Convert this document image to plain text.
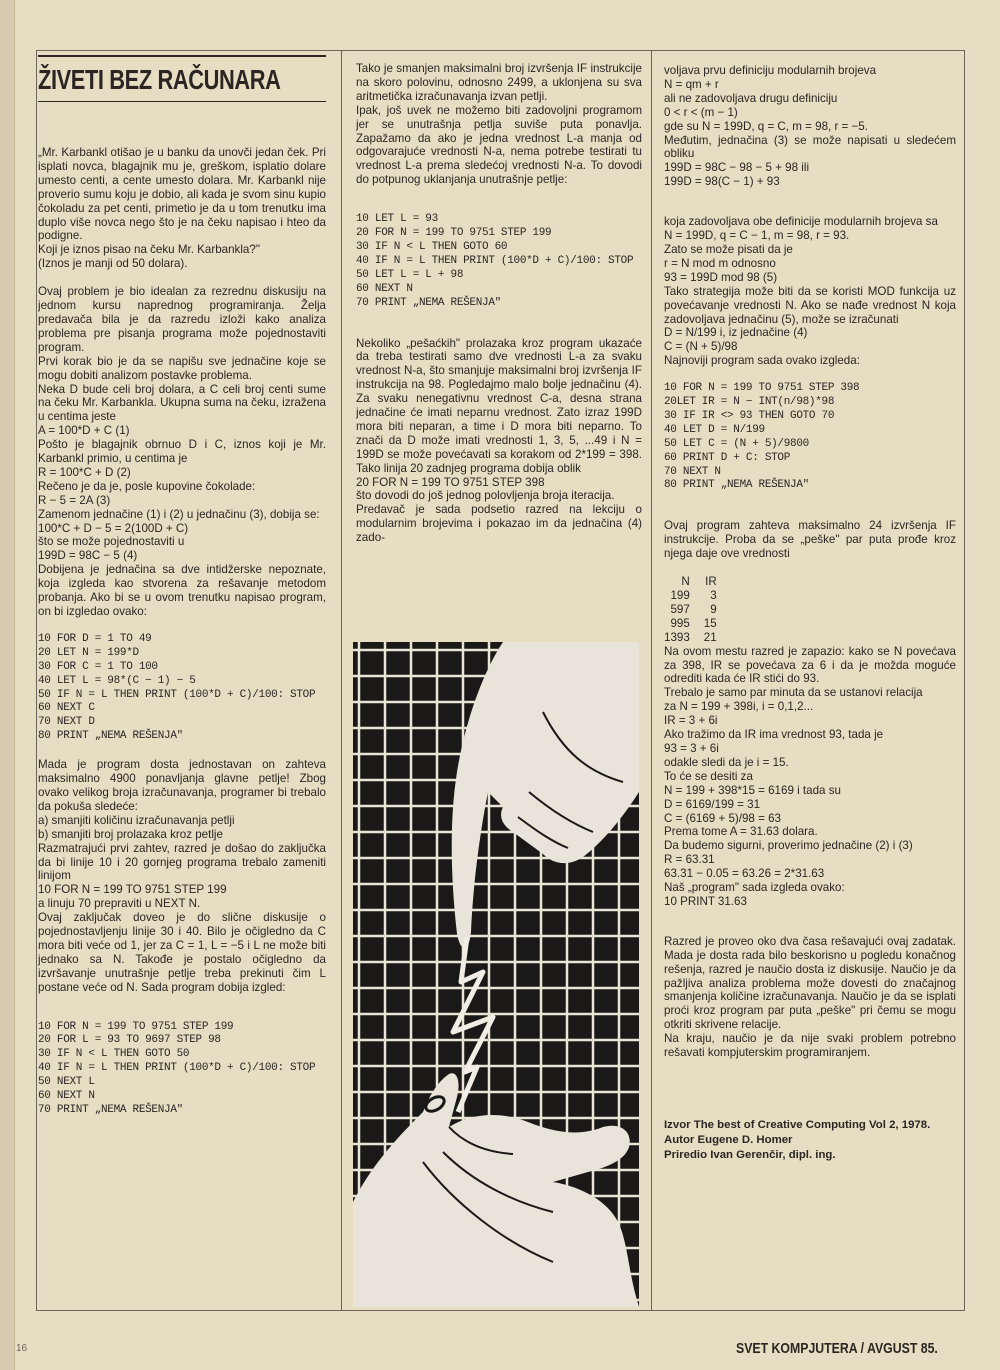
ŽIVETI BEZ RAČUNARA

„Mr. Karbankl otišao je u banku da unovči jedan ček. Pri isplati novca, blagajnik mu je, greškom, isplatio dolare umesto centi, a cente umesto dolara. Mr. Karbankl nije proverio sumu koju je dobio, ali kada je svom sinu kupio čokoladu za pet centi, primetio je da u tom trenutku ima duplo više novca nego što je na čeku napisao i hteo da podigne.
Koji je iznos pisao na čeku Mr. Karbankla?"
(Iznos je manji od 50 dolara).

Ovaj problem je bio idealan za rezrednu diskusiju na jednom kursu naprednog programiranja. Želja predavača bila je da razredu izloži kako analiza problema pre pisanja programa može pojednostaviti program.
Prvi korak bio je da se napišu sve jednačine koje se mogu dobiti analizom postavke problema.
Neka D bude celi broj dolara, a C celi broj centi sume na čeku Mr. Karbankla. Ukupna suma na čeku, izražena u centima jeste
A = 100*D + C (1)
Pošto je blagajnik obrnuo D i C, iznos koji je Mr. Karbankl primio, u centima je
R = 100*C + D (2)
Rečeno je da je, posle kupovine čokolade:
R − 5 = 2A (3)
Zamenom jednačine (1) i (2) u jednačinu (3), dobija se:
100*C + D − 5 = 2(100D + C)
što se može pojednostaviti u
199D = 98C − 5 (4)
Dobijena je jednačina sa dve intidžerske nepoznate, koja izgleda kao stvorena za rešavanje metodom probanja. Ako bi se u ovom trenutku napisao program, on bi izgledao ovako:

10 FOR D = 1 TO 49
20 LET N = 199*D
30 FOR C = 1 TO 100
40 LET L = 98*(C − 1) − 5
50 IF N = L THEN PRINT (100*D + C)/100: STOP
60 NEXT C
70 NEXT D
80 PRINT „NEMA REŠENJA"

Mada je program dosta jednostavan on zahteva maksimalno 4900 ponavljanja glavne petlje! Zbog ovako velikog broja izračunavanja, programer bi trebalo da pokuša sledeće:
a) smanjiti količinu izračunavanja petlji
b) smanjiti broj prolazaka kroz petlje
Razmatrajući prvi zahtev, razred je došao do zaključka da bi linije 10 i 20 gornjeg programa trebalo zameniti linijom
10 FOR N = 199 TO 9751 STEP 199
a linuju 70 prepraviti u NEXT N.
Ovaj zaključak doveo je do slične diskusije o pojednostavljenju linije 30 i 40. Bilo je očigledno da C mora biti veće od 1, jer za C = 1, L = −5 i L ne može biti jednako sa N. Takođe je postalo očigledno da izvršavanje unutrašnje petlje treba prekinuti čim L postane veće od N. Sada program dobija izgled:

10 FOR N = 199 TO 9751 STEP 199
20 FOR L = 93 TO 9697 STEP 98
30 IF N < L THEN GOTO 50
40 IF N = L THEN PRINT (100*D + C)/100: STOP
50 NEXT L
60 NEXT N
70 PRINT „NEMA REŠENJA"

Tako je smanjen maksimalni broj izvršenja IF instrukcije na skoro polovinu, odnosno 2499, a uklonjena su sva aritmetička izračunavanja izvan petlji.
Ipak, još uvek ne možemo biti zadovoljni programom jer se unutrašnja petlja suviše puta ponavlja. Zapažamo da ako je jedna vrednost L-a manja od odgovarajuće vrednosti N-a, nema potrebe testirati tu vrednost L-a prema sledećoj vrednosti N-a. To dovodi do potpunog uklanjanja unutrašnje petlje:

10 LET L = 93
20 FOR N = 199 TO 9751 STEP 199
30 IF N < L THEN GOTO 60
40 IF N = L THEN PRINT (100*D + C)/100: STOP
50 LET L = L + 98
60 NEXT N
70 PRINT „NEMA REŠENJA"

Nekoliko „pešaćkih" prolazaka kroz program ukazaće da treba testirati samo dve vrednosti L-a za svaku vrednost N-a, što smanjuje maksimalni broj izvršenja IF instrukcija na 98. Pogledajmo malo bolje jednačinu (4). Za svaku nenegativnu vrednost C-a, desna strana jednačine će imati neparnu vrednost. Zato izraz 199D mora biti neparan, a time i D mora biti neparno. To znači da D može imati vrednosti 1, 3, 5, ...49 i N = 199D se može povećavati sa korakom od 2*199 = 398. Tako linija 20 zadnjeg programa dobija oblik
20 FOR N = 199 TO 9751 STEP 398
što dovodi do još jednog polovljenja broja iteracija.
Predavač je sada podsetio razred na lekciju o modularnim brojevima i pokazao im da jednačina (4) zado-

voljava prvu definiciju modularnih brojeva
N = qm + r
ali ne zadovoljava drugu definiciju
0 < r < (m − 1)
gde su N = 199D, q = C, m = 98, r = −5.
Međutim, jednačina (3) se može napisati u sledećem obliku
199D = 98C − 98 − 5 + 98 ili
199D = 98(C − 1) + 93

koja zadovoljava obe definicije modularnih brojeva sa
N = 199D, q = C − 1, m = 98, r = 93.
Zato se može pisati da je
r = N mod m odnosno
93 = 199D mod 98 (5)
Tako strategija može biti da se koristi MOD funkcija uz povećavanje vrednosti N. Ako se nađe vrednost N koja zadovoljava jednačinu (5), može se izračunati
D = N/199 i, iz jednačine (4)
C = (N + 5)/98
Najnoviji program sada ovako izgleda:

10 FOR N = 199 TO 9751 STEP 398
20LET IR = N − INT(n/98)*98
30 IF IR <> 93 THEN GOTO 70
40 LET D = N/199
50 LET C = (N + 5)/9800
60 PRINT D + C: STOP
70 NEXT N
80 PRINT „NEMA REŠENJA"

Ovaj program zahteva maksimalno 24 izvršenja IF instrukcije. Proba da se „peške" par puta prođe kroz njega daje ove vrednosti

N	IR
199	3
597	9
995	15
1393	21

Na ovom mestu razred je zapazio: kako se N povećava za 398, IR se povećava za 6 i da je možda moguće odrediti kada će IR stići do 93.
Trebalo je samo par minuta da se ustanovi relacija
za N = 199 + 398i, i = 0,1,2...
IR = 3 + 6i
Ako tražimo da IR ima vrednost 93, tada je
93 = 3 + 6i
odakle sledi da je i = 15.
To će se desiti za
N = 199 + 398*15 = 6169 i tada su
D = 6169/199 = 31
C = (6169 + 5)/98 = 63
Prema tome A = 31.63 dolara.
Da budemo sigurni, proverimo jednačine (2) i (3)
R = 63.31
63.31 − 0.05 = 63.26 = 2*31.63
Naš „program" sada izgleda ovako:
10 PRINT 31.63

Razred je proveo oko dva časa rešavajući ovaj zadatak. Mada je dosta rada bilo beskorisno u pogledu konačnog rešenja, razred je naučio dosta iz diskusije. Naučio je da pažljiva analiza problema može dovesti do značajnog smanjenja količine izračunavanja. Naučio je da se isplati proći kroz program par puta „peške" pri čemu se mogu otkriti skrivene relacije.
Na kraju, naučio je da nije svaki problem potrebno rešavati kompjuterskim programiranjem.

Izvor The best of Creative Computing Vol 2, 1978.
Autor Eugene D. Homer
Priredio Ivan Gerenčir, dipl. ing.

16	SVET KOMPJUTERA / AVGUST 85.
